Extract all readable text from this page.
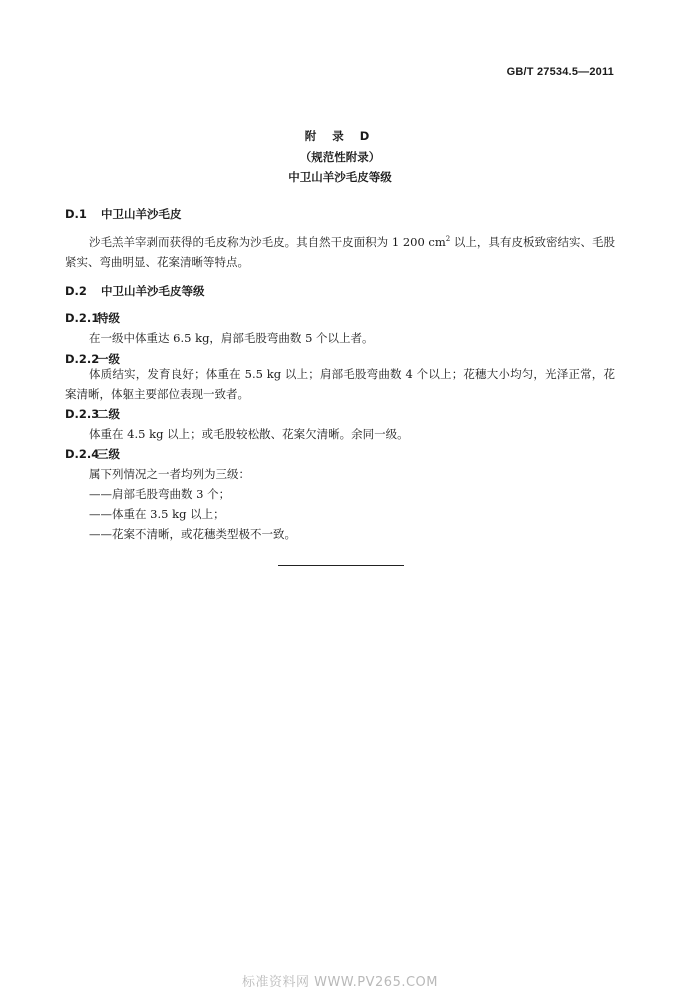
GB/T 27534.5—2011
附 录 D
（规范性附录）
中卫山羊沙毛皮等级
D.1 中卫山羊沙毛皮
沙毛羔羊宰剥而获得的毛皮称为沙毛皮。其自然干皮面积为 1 200 $cm^2$ 以上，具有皮板致密结实、毛股紧实、弯曲明显、花案清晰等特点。
D.2 中卫山羊沙毛皮等级
D.2.1特级
在一级中体重达 6.5 kg，肩部毛股弯曲数 5 个以上者。
D.2.2一级
体质结实，发育良好；体重在 5.5 kg 以上；肩部毛股弯曲数 4 个以上；花穗大小均匀，光泽正常，花案清晰，体躯主要部位表现一致者。
D.2.3二级
体重在 4.5 kg 以上；或毛股较松散、花案欠清晰。余同一级。
D.2.4三级
属下列情况之一者均列为三级：
——肩部毛股弯曲数 3 个；
——体重在 3.5 kg 以上；
——花案不清晰，或花穗类型极不一致。
标准资料网 WWW.PV265.COM
